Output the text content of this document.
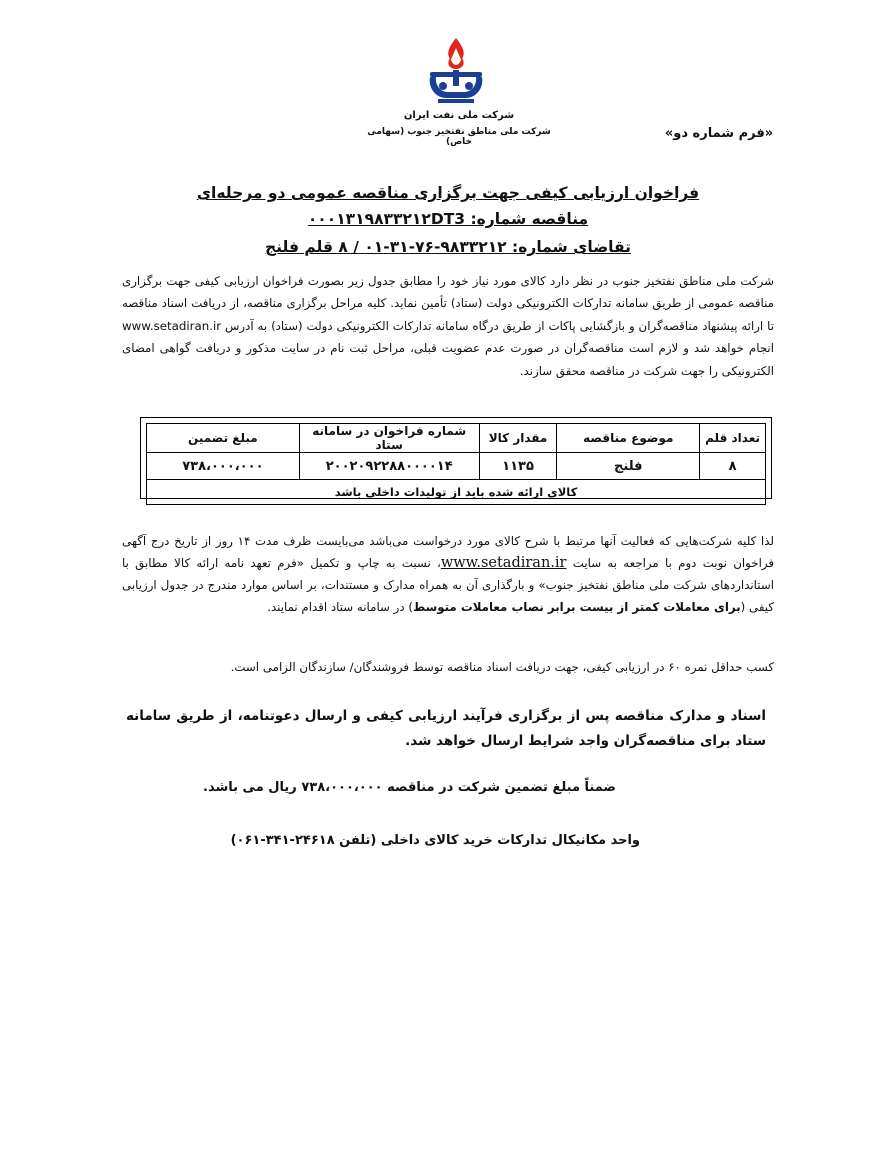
شرکت ملی نفت ایران
شرکت ملی مناطق نفتخیز جنوب (سهامی خاص)
«فرم شماره دو»
فراخوان ارزیابی کیفی جهت برگزاری مناقصه عمومی دو مرحله‌ای
مناقصه شماره: ۰۰۰۱۳۱۹۸۳۳۲۱۲DT3
تقاضای شماره: ۹۸۳۳۲۱۲-۷۶-۳۱-۰۱ / ۸ قلم فلنج
شرکت ملی مناطق نفتخیز جنوب در نظر دارد کالای مورد نیاز خود را مطابق جدول زیر بصورت فراخوان ارزیابی کیفی جهت برگزاری مناقصه عمومی از طریق سامانه تدارکات الکترونیکی دولت (ستاد) تأمین نماید. کلیه مراحل برگزاری مناقصه، از دریافت اسناد مناقصه تا ارائه پیشنهاد مناقصه‌گران و بازگشایی پاکات از طریق درگاه سامانه تدارکات الکترونیکی دولت (ستاد) به آدرس www.setadiran.ir انجام خواهد شد و لازم است مناقصه‌گران در صورت عدم عضویت قبلی، مراحل ثبت نام در سایت مذکور و دریافت گواهی امضای الکترونیکی را جهت شرکت در مناقصه محقق سازند.
تعداد قلم	موضوع مناقصه	مقدار کالا	شماره فراخوان در سامانه ستاد	مبلغ تضمین
۸	فلنج	۱۱۳۵	۲۰۰۲۰۹۲۲۸۸۰۰۰۰۱۴	۷۳۸،۰۰۰،۰۰۰
کالای ارائه شده باید از تولیدات داخلی باشد				
لذا کلیه شرکت‌هایی که فعالیت آنها مرتبط با شرح کالای مورد درخواست می‌باشد می‌بایست ظرف مدت ۱۴ روز از تاریخ درج آگهی فراخوان نوبت دوم با مراجعه به سایت www.setadiran.ir، نسبت به چاپ و تکمیل «فرم تعهد نامه ارائه کالا مطابق با استانداردهای شرکت ملی مناطق نفتخیز جنوب» و بارگذاری آن به همراه مدارک و مستندات، بر اساس موارد مندرج در جدول ارزیابی کیفی (برای معاملات کمتر از بیست برابر نصاب معاملات متوسط) در سامانه ستاد اقدام نمایند.
کسب حداقل نمره ۶۰ در ارزیابی کیفی، جهت دریافت اسناد مناقصه توسط فروشندگان/ سازندگان الزامی است.
اسناد و مدارک مناقصه پس از برگزاری فرآیند ارزیابی کیفی و ارسال دعوتنامه، از طریق سامانه ستاد برای مناقصه‌گران واجد شرایط ارسال خواهد شد.
ضمناً مبلغ تضمین شرکت در مناقصه ۷۳۸،۰۰۰،۰۰۰ ریال می باشد.
واحد مکانیکال تدارکات خرید کالای داخلی (تلفن ۲۴۶۱۸-۳۴۱-۰۶۱)
